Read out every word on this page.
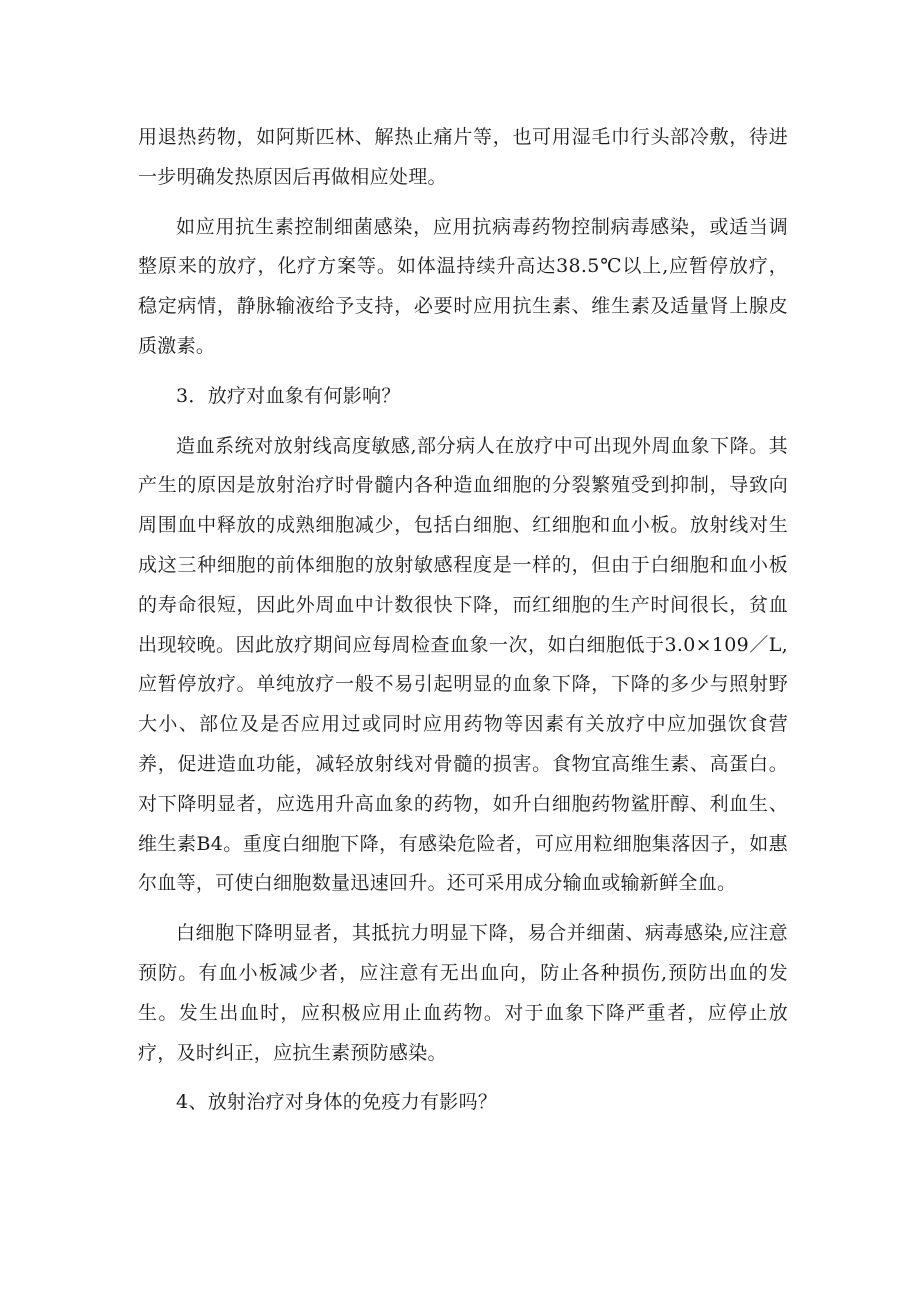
用退热药物，如阿斯匹林、解热止痛片等，也可用湿毛巾行头部冷敷，待进一步明确发热原因后再做相应处理。

如应用抗生素控制细菌感染，应用抗病毒药物控制病毒感染，或适当调整原来的放疗，化疗方案等。如体温持续升高达38.5℃以上,应暂停放疗，稳定病情，静脉输液给予支持，必要时应用抗生素、维生素及适量肾上腺皮质激素。

3．放疗对血象有何影响？

造血系统对放射线高度敏感,部分病人在放疗中可出现外周血象下降。其产生的原因是放射治疗时骨髓内各种造血细胞的分裂繁殖受到抑制，导致向周围血中释放的成熟细胞减少，包括白细胞、红细胞和血小板。放射线对生成这三种细胞的前体细胞的放射敏感程度是一样的，但由于白细胞和血小板的寿命很短，因此外周血中计数很快下降，而红细胞的生产时间很长，贫血出现较晚。因此放疗期间应每周检查血象一次，如白细胞低于3.0×109／L,应暂停放疗。单纯放疗一般不易引起明显的血象下降，下降的多少与照射野大小、部位及是否应用过或同时应用药物等因素有关放疗中应加强饮食营养，促进造血功能，减轻放射线对骨髓的损害。食物宜高维生素、高蛋白。对下降明显者，应选用升高血象的药物，如升白细胞药物鲨肝醇、利血生、维生素B4。重度白细胞下降，有感染危险者，可应用粒细胞集落因子，如惠尔血等，可使白细胞数量迅速回升。还可采用成分输血或输新鲜全血。

白细胞下降明显者，其抵抗力明显下降，易合并细菌、病毒感染,应注意预防。有血小板减少者，应注意有无出血向，防止各种损伤,预防出血的发生。发生出血时，应积极应用止血药物。对于血象下降严重者，应停止放疗，及时纠正，应抗生素预防感染。

4、放射治疗对身体的免疫力有影吗？
